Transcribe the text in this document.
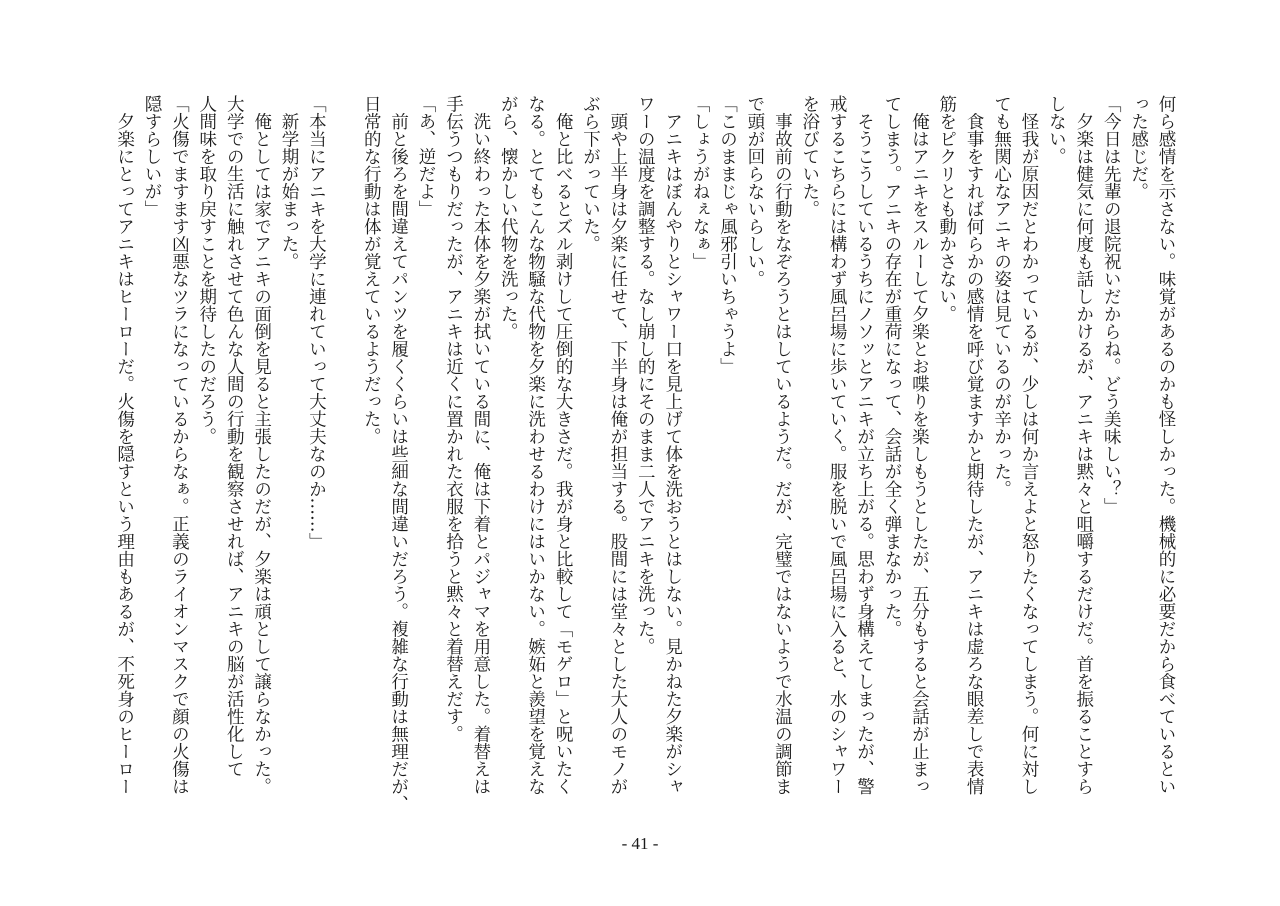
何ら感情を示さない。味覚があるのかも怪しかった。機械的に必要だから食べているとい
った感じだ。
「今日は先輩の退院祝いだからね。どう美味しい？」
　夕楽は健気に何度も話しかけるが、アニキは黙々と咀嚼するだけだ。首を振ることすら
しない。
　怪我が原因だとわかっているが、少しは何か言えよと怒りたくなってしまう。何に対し
ても無関心なアニキの姿は見ているのが辛かった。
　食事をすれば何らかの感情を呼び覚ますかと期待したが、アニキは虚ろな眼差しで表情
筋をピクリとも動かさない。
　俺はアニキをスルーして夕楽とお喋りを楽しもうとしたが、五分もすると会話が止まっ
てしまう。アニキの存在が重荷になって、会話が全く弾まなかった。
　そうこうしているうちにノソッとアニキが立ち上がる。思わず身構えてしまったが、警
戒するこちらには構わず風呂場に歩いていく。服を脱いで風呂場に入ると、水のシャワー
を浴びていた。
　事故前の行動をなぞろうとはしているようだ。だが、完璧ではないようで水温の調節ま
で頭が回らないらしい。
「このままじゃ風邪引いちゃうよ」
「しょうがねぇなぁ」
　アニキはぼんやりとシャワー口を見上げて体を洗おうとはしない。見かねた夕楽がシャ
ワーの温度を調整する。なし崩し的にそのまま二人でアニキを洗った。
　頭や上半身は夕楽に任せて、下半身は俺が担当する。股間には堂々とした大人のモノが
ぶら下がっていた。
　俺と比べるとズル剥けして圧倒的な大きさだ。我が身と比較して「モゲロ」と呪いたく
なる。とてもこんな物騒な代物を夕楽に洗わせるわけにはいかない。嫉妬と羨望を覚えな
がら、懐かしい代物を洗った。
　洗い終わった本体を夕楽が拭いている間に、俺は下着とパジャマを用意した。着替えは
手伝うつもりだったが、アニキは近くに置かれた衣服を拾うと黙々と着替えだす。
「あ、逆だよ」
　前と後ろを間違えてパンツを履くくらいは些細な間違いだろう。複雑な行動は無理だが、
日常的な行動は体が覚えているようだった。

「本当にアニキを大学に連れていって大丈夫なのか……」
　新学期が始まった。
　俺としては家でアニキの面倒を見ると主張したのだが、夕楽は頑として譲らなかった。
大学での生活に触れさせて色んな人間の行動を観察させれば、アニキの脳が活性化して
人間味を取り戻すことを期待したのだろう。
「火傷でますます凶悪なツラになっているからなぁ。正義のライオンマスクで顔の火傷は
隠すらしいが」
　夕楽にとってアニキはヒーローだ。火傷を隠すという理由もあるが、不死身のヒーロー
- 41 -
